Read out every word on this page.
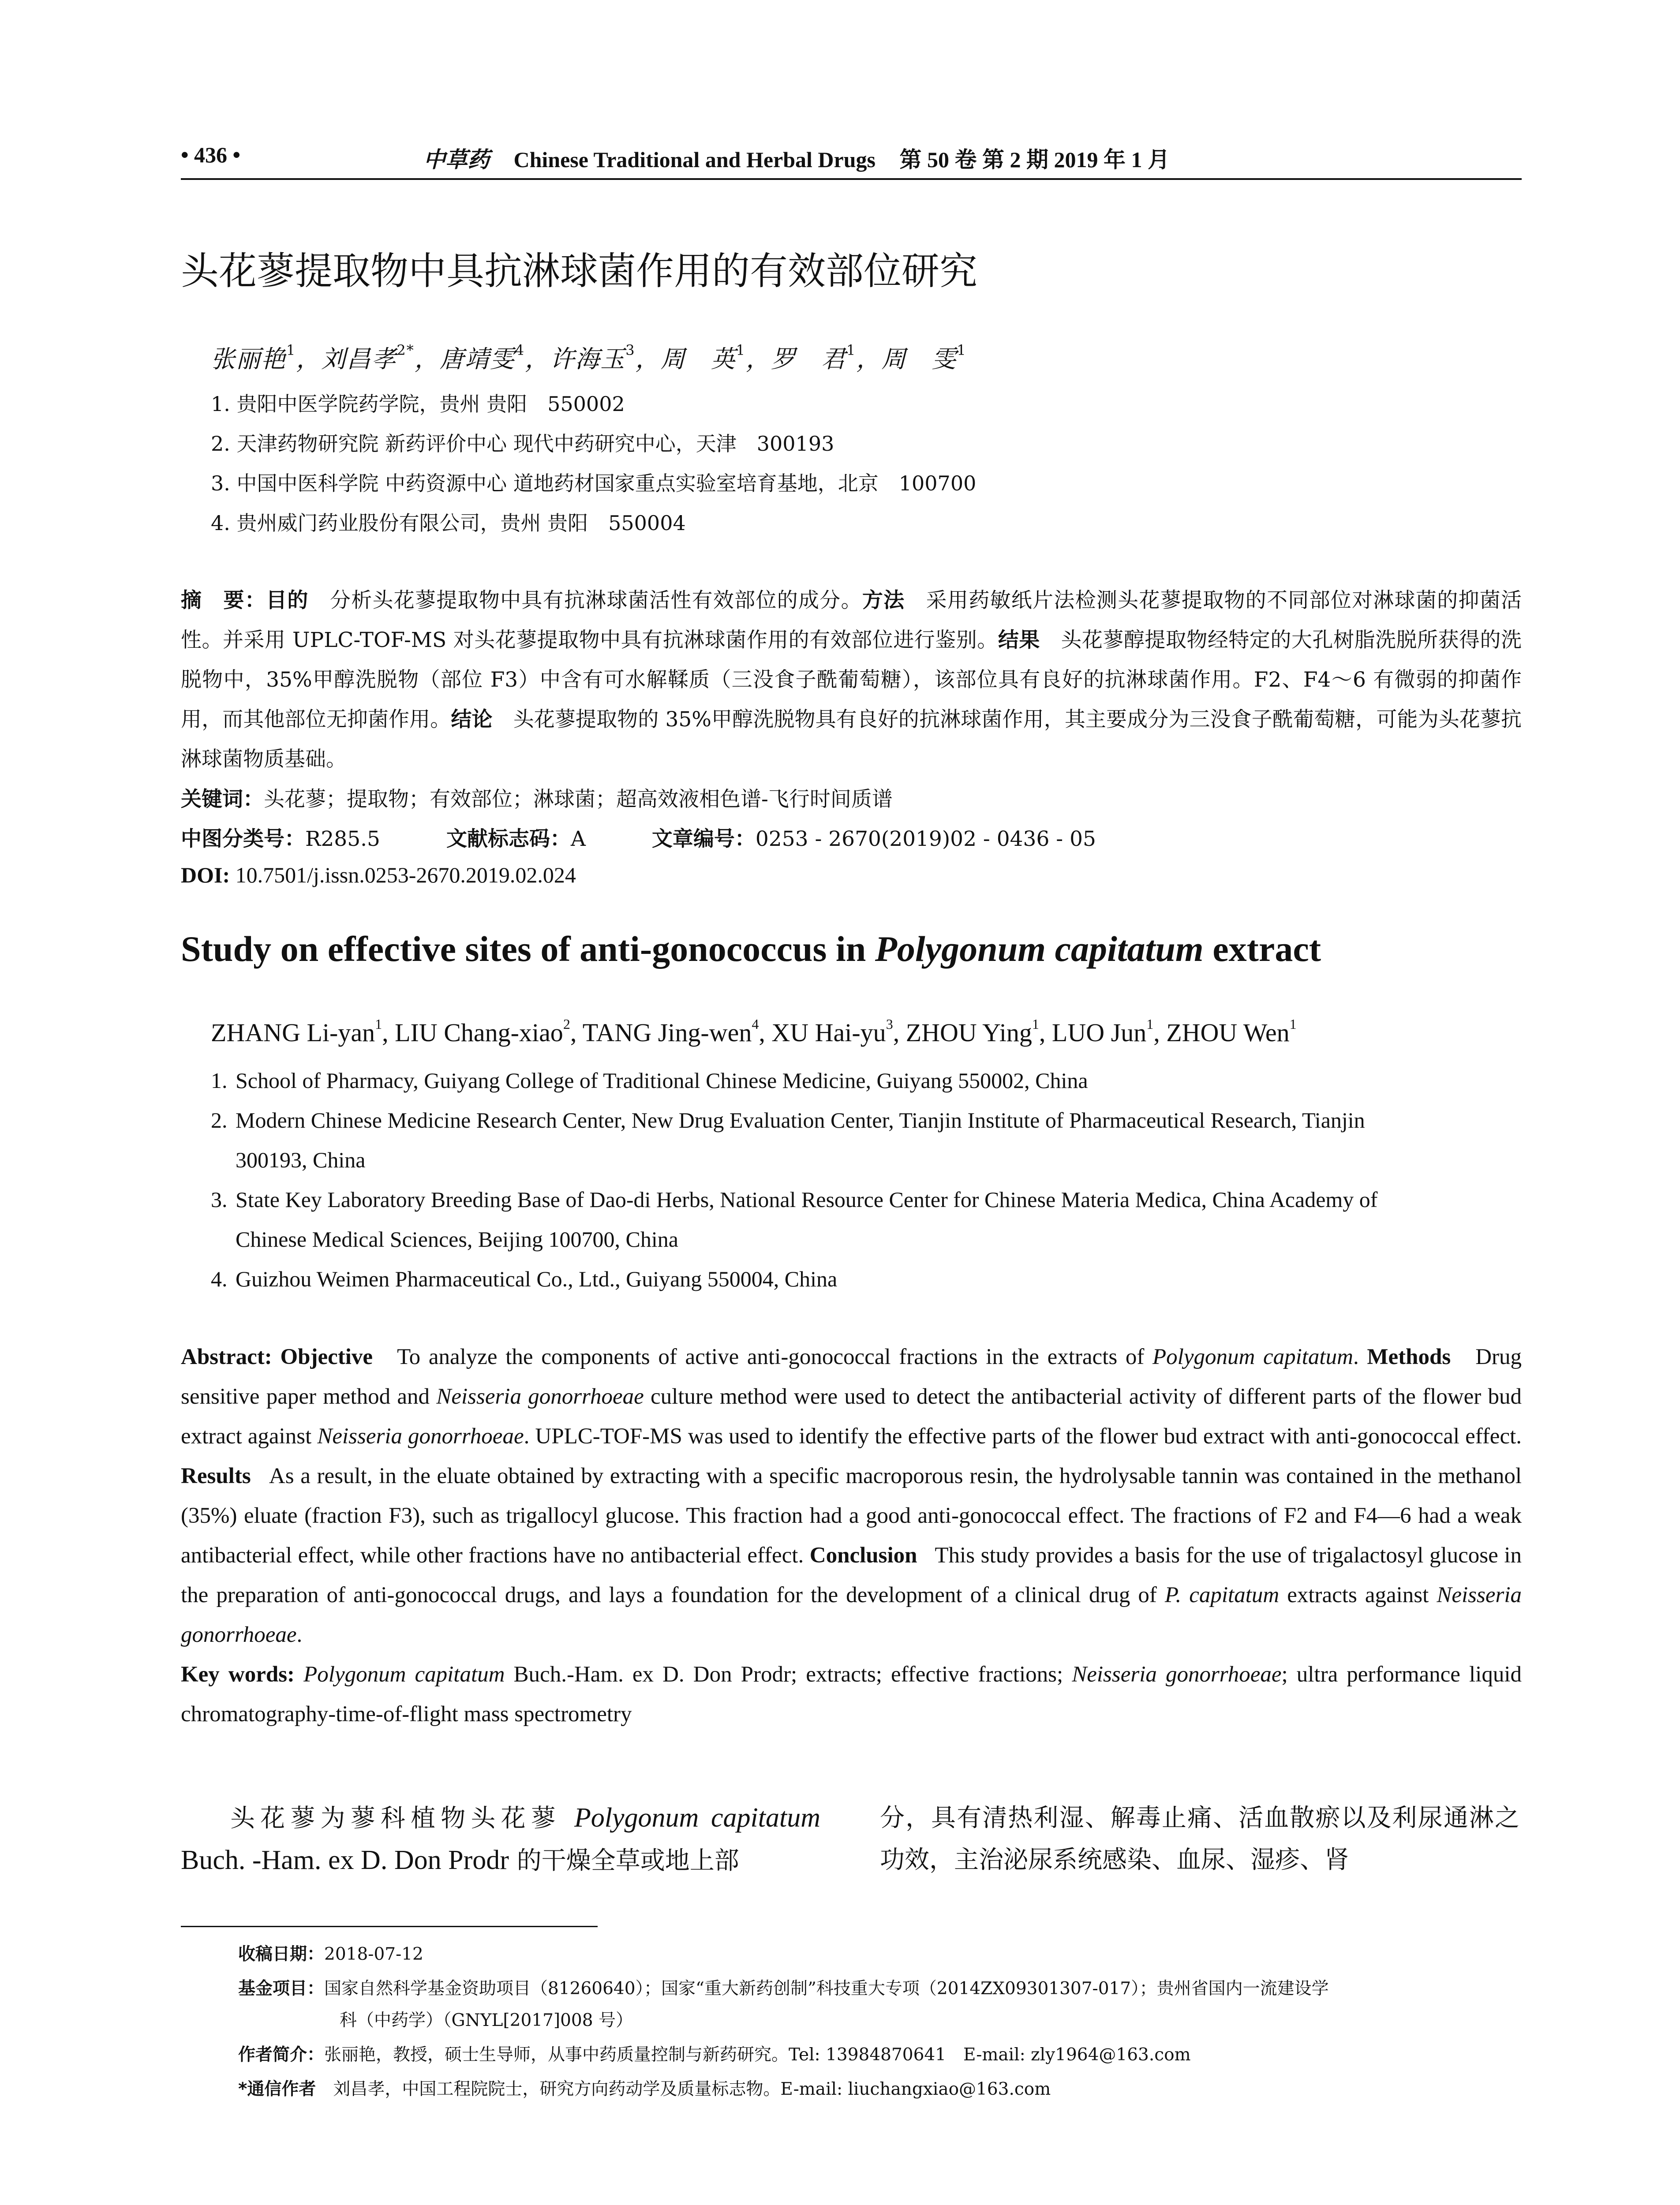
• 436 •	中草药 Chinese Traditional and Herbal Drugs 第 50 卷 第 2 期 2019 年 1 月
头花蓼提取物中具抗淋球菌作用的有效部位研究
张丽艳$^1$，刘昌孝$^{2*}$，唐靖雯$^4$，许海玉$^3$，周　英$^1$，罗　君$^1$，周　雯$^1$
1. 贵阳中医学院药学院，贵州 贵阳　550002
2. 天津药物研究院 新药评价中心 现代中药研究中心，天津　300193
3. 中国中医科学院 中药资源中心 道地药材国家重点实验室培育基地，北京　100700
4. 贵州威门药业股份有限公司，贵州 贵阳　550004
摘　要：目的　分析头花蓼提取物中具有抗淋球菌活性有效部位的成分。方法　采用药敏纸片法检测头花蓼提取物的不同部位对淋球菌的抑菌活性。并采用 UPLC-TOF-MS 对头花蓼提取物中具有抗淋球菌作用的有效部位进行鉴别。结果　头花蓼醇提取物经特定的大孔树脂洗脱所获得的洗脱物中，35%甲醇洗脱物（部位 F3）中含有可水解鞣质（三没食子酰葡萄糖），该部位具有良好的抗淋球菌作用。F2、F4～6 有微弱的抑菌作用，而其他部位无抑菌作用。结论　头花蓼提取物的 35%甲醇洗脱物具有良好的抗淋球菌作用，其主要成分为三没食子酰葡萄糖，可能为头花蓼抗淋球菌物质基础。
关键词：头花蓼；提取物；有效部位；淋球菌；超高效液相色谱-飞行时间质谱
中图分类号：R285.5	文献标志码：A	文章编号：0253 - 2670(2019)02 - 0436 - 05
DOI: 10.7501/j.issn.0253-2670.2019.02.024
Study on effective sites of anti-gonococcus in Polygonum capitatum extract
ZHANG Li-yan$^1$, LIU Chang-xiao$^2$, TANG Jing-wen$^4$, XU Hai-$yu^3$, ZHOU Ying$^1$, LUO Jun$^1$, ZHOU Wen$^1$
1. School of Pharmacy, Guiyang College of Traditional Chinese Medicine, Guiyang 550002, China
2. Modern Chinese Medicine Research Center, New Drug Evaluation Center, Tianjin Institute of Pharmaceutical Research, Tianjin
300193, China
3. State Key Laboratory Breeding Base of Dao-di Herbs, National Resource Center for Chinese Materia Medica, China Academy of
Chinese Medical Sciences, Beijing 100700, China
4. Guizhou Weimen Pharmaceutical Co., Ltd., Guiyang 550004, China
Abstract: Objective To analyze the components of active anti-gonococcal fractions in the extracts of Polygonum capitatum. Methods Drug sensitive paper method and Neisseria gonorrhoeae culture method were used to detect the antibacterial activity of different parts of the flower bud extract against Neisseria gonorrhoeae. UPLC-TOF-MS was used to identify the effective parts of the flower bud extract with anti-gonococcal effect. Results As a result, in the eluate obtained by extracting with a specific macroporous resin, the hydrolysable tannin was contained in the methanol (35%) eluate (fraction F3), such as trigallocyl glucose. This fraction had a good anti-gonococcal effect. The fractions of F2 and F4—6 had a weak antibacterial effect, while other fractions have no antibacterial effect. Conclusion This study provides a basis for the use of trigalactosyl glucose in the preparation of anti-gonococcal drugs, and lays a foundation for the development of a clinical drug of P. capitatum extracts against Neisseria gonorrhoeae.
Key words: Polygonum capitatum Buch.-Ham. ex D. Don Prodr; extracts; effective fractions; Neisseria gonorrhoeae; ultra performance liquid chromatography-time-of-flight mass spectrometry
头花蓼为蓼科植物头花蓼 Polygonum capitatum Buch. -Ham. ex D. Don Prodr 的干燥全草或地上部
分，具有清热利湿、解毒止痛、活血散瘀以及利尿通淋之功效，主治泌尿系统感染、血尿、湿疹、肾
收稿日期：2018-07-12
基金项目：国家自然科学基金资助项目（81260640）；国家“重大新药创制”科技重大专项（2014ZX09301307-017）；贵州省国内一流建设学
科（中药学）（GNYL[2017]008 号）
作者简介：张丽艳，教授，硕士生导师，从事中药质量控制与新药研究。Tel: 13984870641　E-mail: zly1964@163.com
*通信作者　刘昌孝，中国工程院院士，研究方向药动学及质量标志物。E-mail: liuchangxiao@163.com
